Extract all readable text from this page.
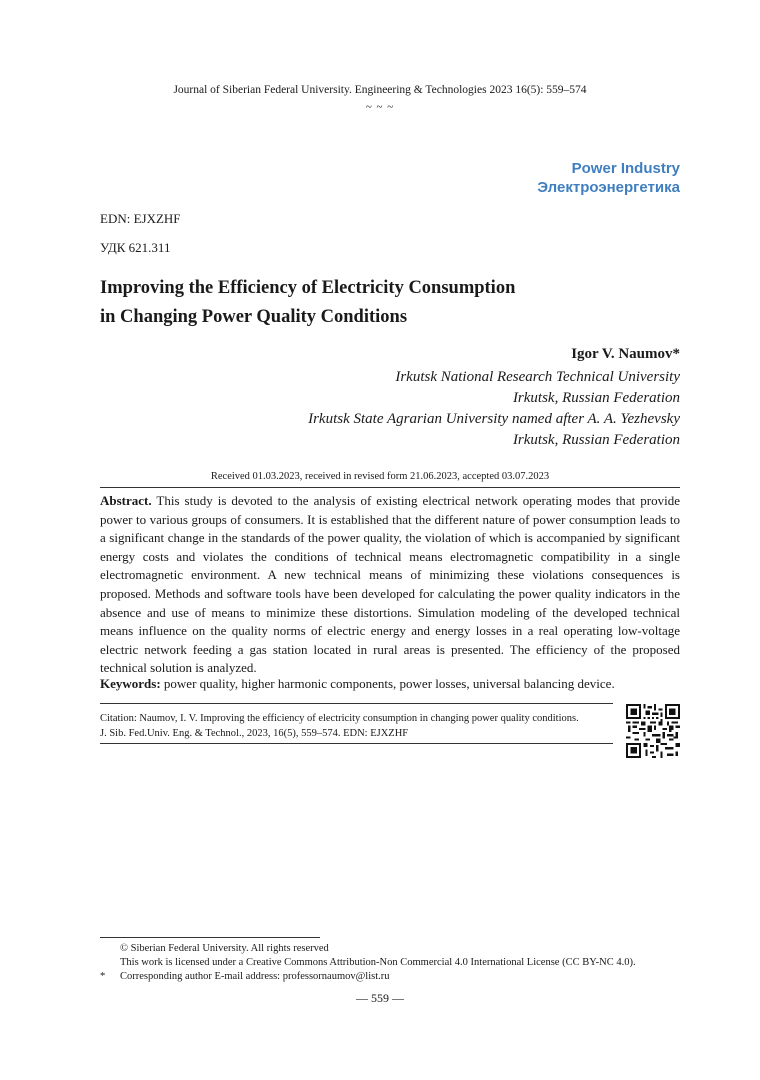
Journal of Siberian Federal University. Engineering & Technologies 2023 16(5): 559–574
~ ~ ~
Power Industry
Электроэнергетика
EDN: EJXZHF
УДК 621.311
Improving the Efficiency of Electricity Consumption
in Changing Power Quality Conditions
Igor V. Naumov*
Irkutsk National Research Technical University
Irkutsk, Russian Federation
Irkutsk State Agrarian University named after A. A. Yezhevsky
Irkutsk, Russian Federation
Received 01.03.2023, received in revised form 21.06.2023, accepted 03.07.2023
Abstract. This study is devoted to the analysis of existing electrical network operating modes that provide power to various groups of consumers. It is established that the different nature of power consumption leads to a significant change in the standards of the power quality, the violation of which is accompanied by significant energy costs and violates the conditions of technical means electromagnetic compatibility in a single electromagnetic environment. A new technical means of minimizing these violations consequences is proposed. Methods and software tools have been developed for calculating the power quality indicators in the absence and use of means to minimize these distortions. Simulation modeling of the developed technical means influence on the quality norms of electric energy and energy losses in a real operating low-voltage electric network feeding a gas station located in rural areas is presented. The efficiency of the proposed technical solution is analyzed.
Keywords: power quality, higher harmonic components, power losses, universal balancing device.
Citation: Naumov, I. V. Improving the efficiency of electricity consumption in changing power quality conditions.
J. Sib. Fed.Univ. Eng. & Technol., 2023, 16(5), 559–574. EDN: EJXZHF
© Siberian Federal University. All rights reserved
This work is licensed under a Creative Commons Attribution-Non Commercial 4.0 International License (CC BY-NC 4.0).
* Corresponding author E-mail address: professornaumov@list.ru
— 559 —
